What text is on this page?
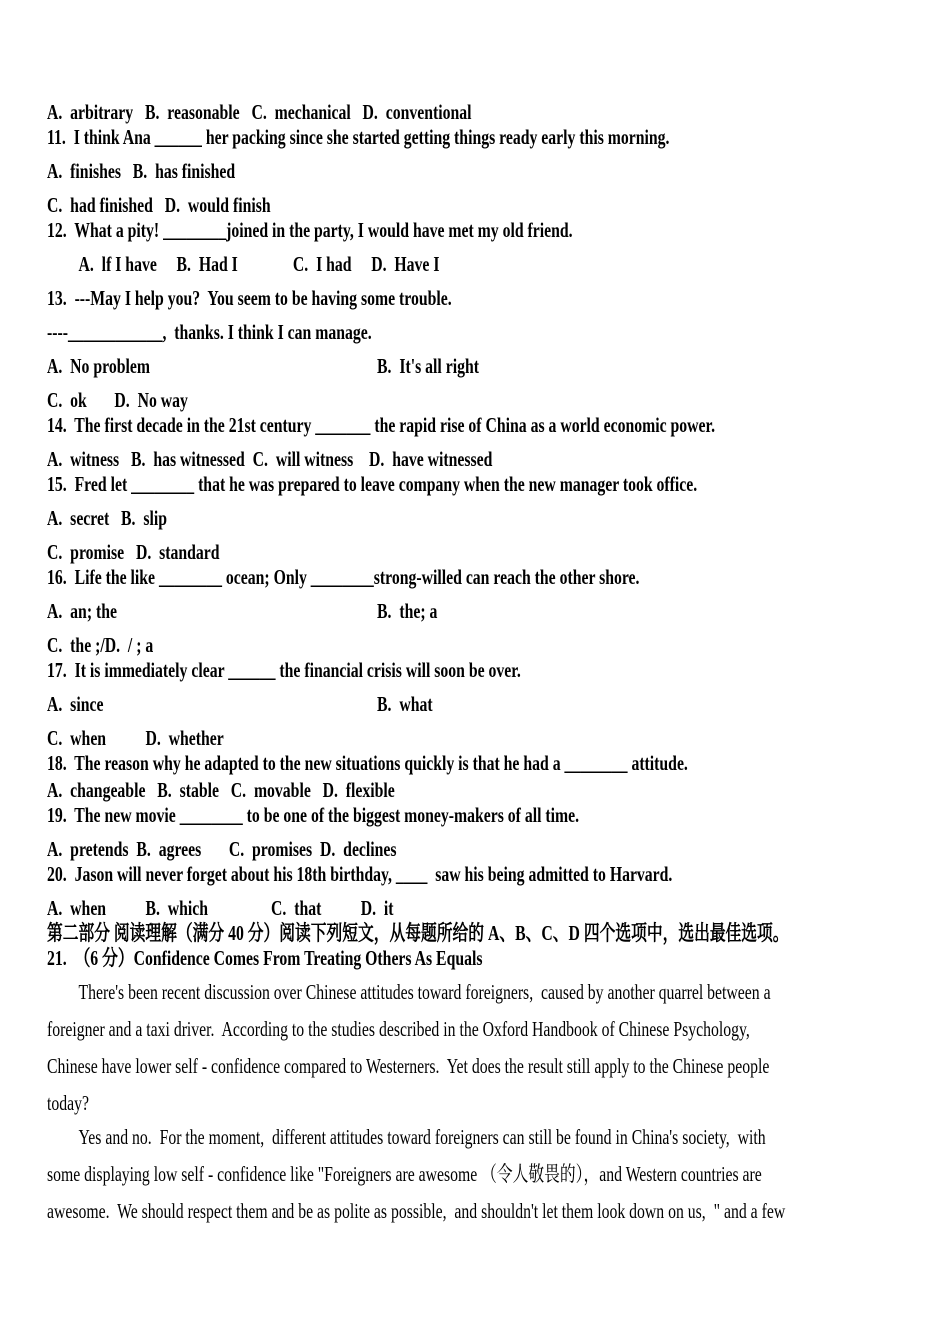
A.  arbitrary   B.  reasonable   C.  mechanical   D.  conventional

11.  I think Ana ______ her packing since she started getting things ready early this morning.

A.  finishes   B.  has finished

C.  had finished   D.  would finish

12.  What a pity! ________joined in the party, I would have met my old friend.

A.  lf I have     B.  Had I              C.  I had     D.  Have I

13.  ---May I help you?  You seem to be having some trouble.

----____________,  thanks. I think I can manage.

A.  No problem	B.  It's all right

C.  ok       D.  No way

14.  The first decade in the 21st century _______ the rapid rise of China as a world economic power.

A.  witness   B.  has witnessed  C.  will witness    D.  have witnessed

15.  Fred let ________ that he was prepared to leave company when the new manager took office.

A.  secret   B.  slip

C.  promise   D.  standard

16.  Life the like ________ ocean; Only ________strong-willed can reach the other shore.

A.  an; the	B.  the; a

C.  the ;/D.  / ; a

17.  It is immediately clear ______ the financial crisis will soon be over.

A.  since	B.  what

C.  when          D.  whether

18.  The reason why he adapted to the new situations quickly is that he had a ________ attitude.

A.  changeable   B.  stable   C.  movable   D.  flexible

19.  The new movie ________ to be one of the biggest money-makers of all time.

A.  pretends  B.  agrees       C.  promises  D.  declines

20.  Jason will never forget about his 18th birthday, ____  saw his being admitted to Harvard.

A.  when          B.  which                C.  that          D.  it

第二部分 阅读理解（满分 40 分）阅读下列短文，从每题所给的 A、B、C、D 四个选项中，选出最佳选项。

21.  （6 分）Confidence Comes From Treating Others As Equals

There's been recent discussion over Chinese attitudes toward foreigners,  caused by another quarrel between a

foreigner and a taxi driver.  According to the studies described in the Oxford Handbook of Chinese Psychology,

Chinese have lower self - confidence compared to Westerners.  Yet does the result still apply to the Chinese people

today?

Yes and no.  For the moment,  different attitudes toward foreigners can still be found in China's society,  with

some displaying low self - confidence like "Foreigners are awesome （令人敬畏的），and Western countries are

awesome.  We should respect them and be as polite as possible,  and shouldn't let them look down on us,  " and a few
